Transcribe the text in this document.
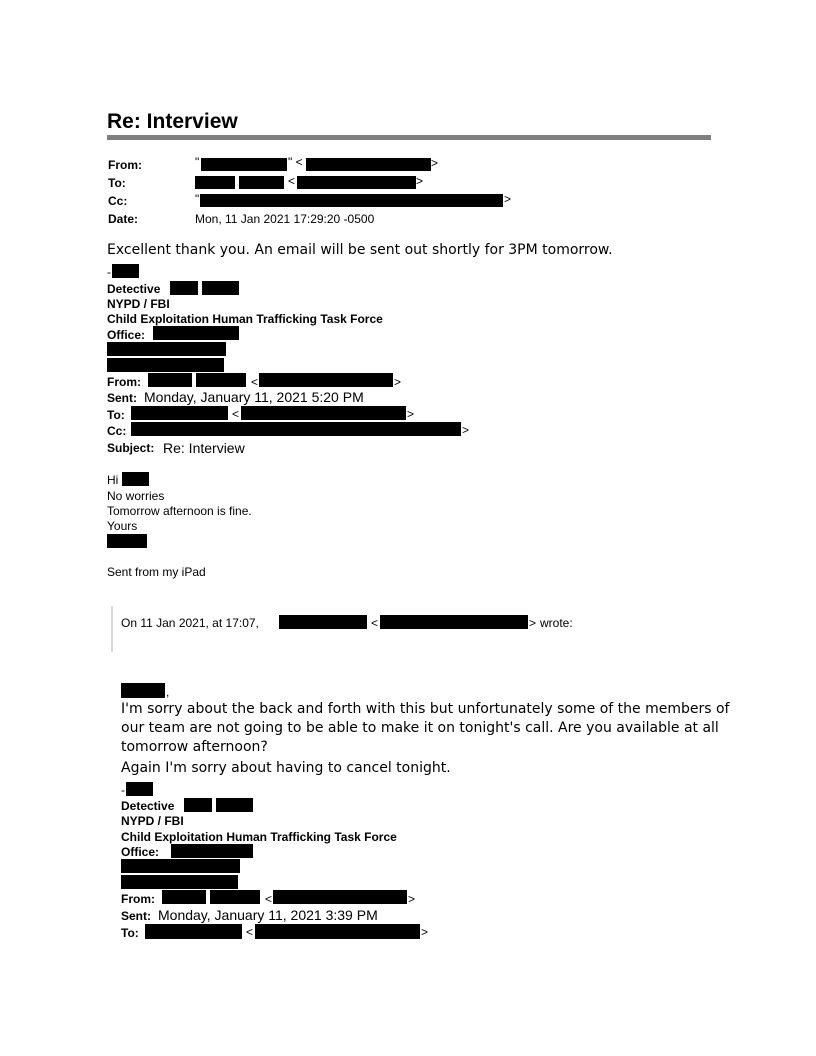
Re: Interview
From:	"	" <	>
To:	<	>
Cc:	"	>
Date:	Mon, 11 Jan 2021 17:29:20 -0500
Excellent thank you. An email will be sent out shortly for 3PM tomorrow.
-
Detective
NYPD / FBI
Child Exploitation Human Trafficking Task Force
Office:
From:	<	>
Sent: Monday, January 11, 2021 5:20 PM
To:	<	>
Cc:	>
Subject: Re: Interview
Hi
No worries
Tomorrow afternoon is fine.
Yours
Sent from my iPad
On 11 Jan 2021, at 17:07,	<	> wrote:
,
I'm sorry about the back and forth with this but unfortunately some of the members of
our team are not going to be able to make it on tonight's call. Are you available at all
tomorrow afternoon?
Again I'm sorry about having to cancel tonight.
-
Detective
NYPD / FBI
Child Exploitation Human Trafficking Task Force
Office:
From:	<	>
Sent: Monday, January 11, 2021 3:39 PM
To:	<	>
